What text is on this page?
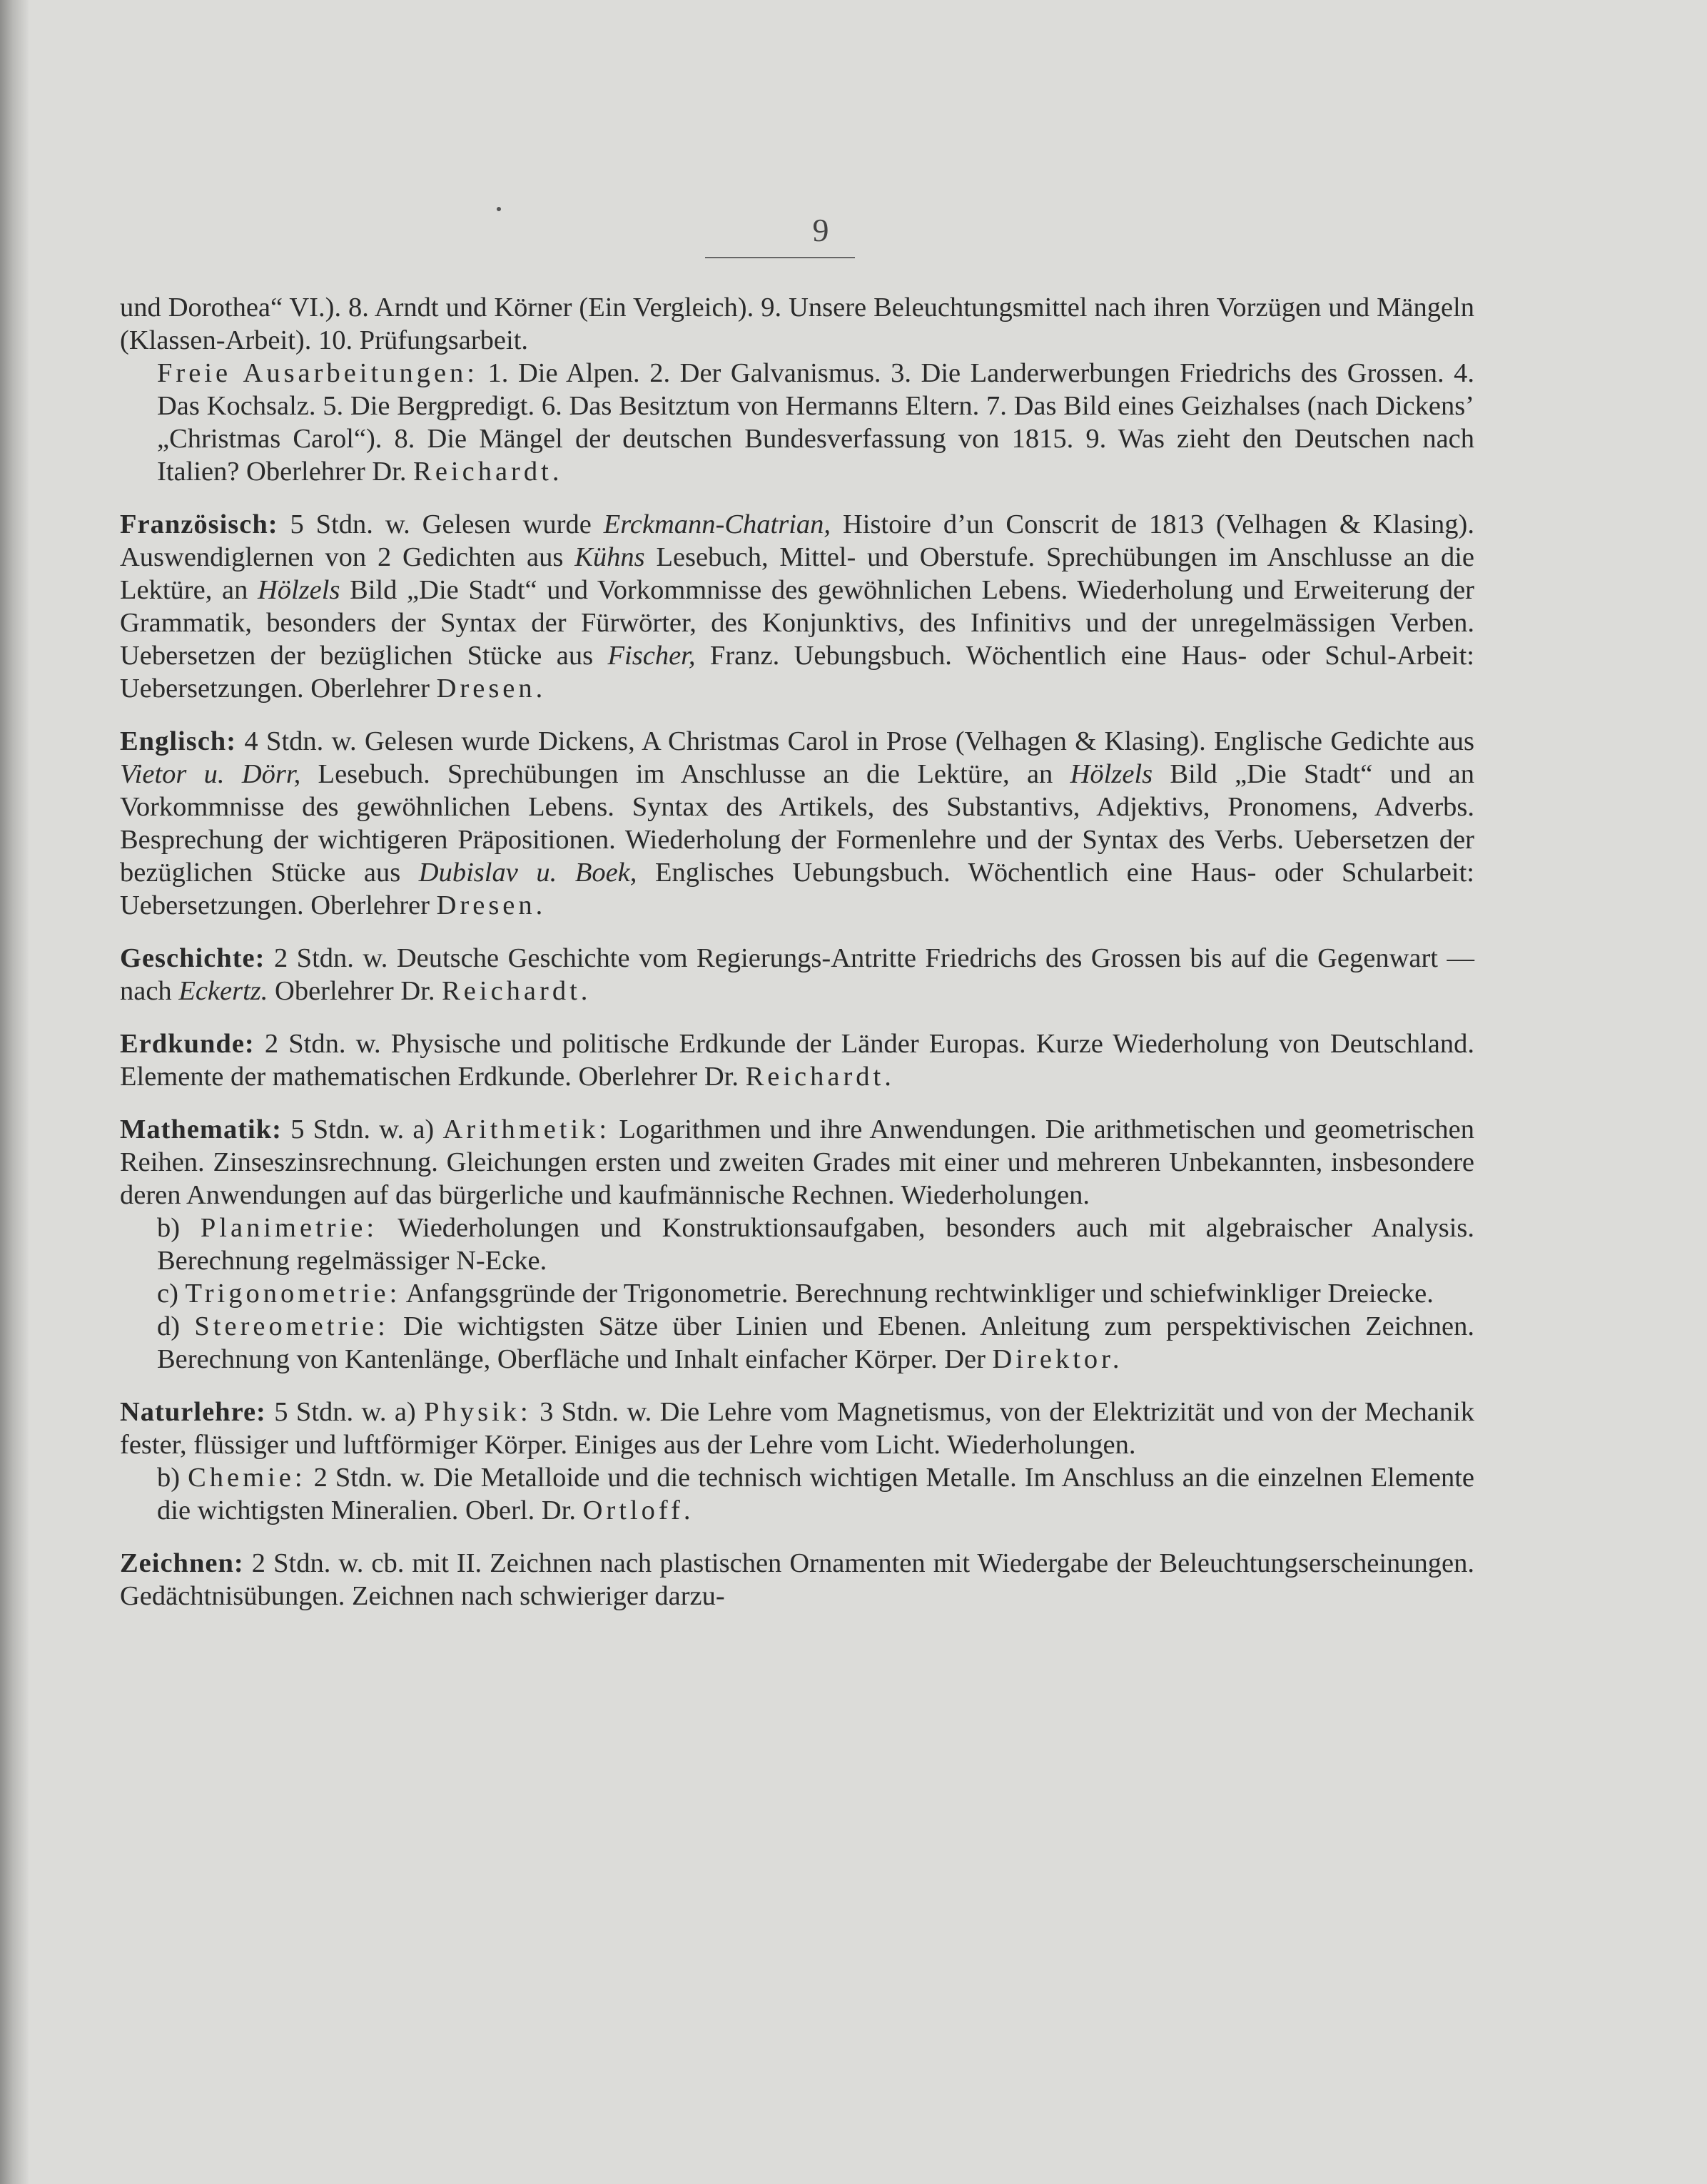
9

und Dorothea“ VI.). 8. Arndt und Körner (Ein Vergleich). 9. Unsere Beleuchtungsmittel nach ihren Vorzügen und Mängeln (Klassen-Arbeit). 10. Prüfungsarbeit.

Freie Ausarbeitungen: 1. Die Alpen. 2. Der Galvanismus. 3. Die Landerwerbungen Friedrichs des Grossen. 4. Das Kochsalz. 5. Die Bergpredigt. 6. Das Besitztum von Hermanns Eltern. 7. Das Bild eines Geizhalses (nach Dickens’ „Christmas Carol“). 8. Die Mängel der deutschen Bundesverfassung von 1815. 9. Was zieht den Deutschen nach Italien? Oberlehrer Dr. Reichardt.

Französisch: 5 Stdn. w. Gelesen wurde Erckmann-Chatrian, Histoire d’un Conscrit de 1813 (Velhagen & Klasing). Auswendiglernen von 2 Gedichten aus Kühns Lesebuch, Mittel- und Oberstufe. Sprechübungen im Anschlusse an die Lektüre, an Hölzels Bild „Die Stadt“ und Vorkommnisse des gewöhnlichen Lebens. Wiederholung und Erweiterung der Grammatik, besonders der Syntax der Fürwörter, des Konjunktivs, des Infinitivs und der unregelmässigen Verben. Uebersetzen der bezüglichen Stücke aus Fischer, Franz. Uebungsbuch. Wöchentlich eine Haus- oder Schul-Arbeit: Uebersetzungen. Oberlehrer Dresen.

Englisch: 4 Stdn. w. Gelesen wurde Dickens, A Christmas Carol in Prose (Velhagen & Klasing). Englische Gedichte aus Vietor u. Dörr, Lesebuch. Sprechübungen im Anschlusse an die Lektüre, an Hölzels Bild „Die Stadt“ und an Vorkommnisse des gewöhnlichen Lebens. Syntax des Artikels, des Substantivs, Adjektivs, Pronomens, Adverbs. Besprechung der wichtigeren Präpositionen. Wiederholung der Formenlehre und der Syntax des Verbs. Uebersetzen der bezüglichen Stücke aus Dubislav u. Boek, Englisches Uebungsbuch. Wöchentlich eine Haus- oder Schularbeit: Uebersetzungen. Oberlehrer Dresen.

Geschichte: 2 Stdn. w. Deutsche Geschichte vom Regierungs-Antritte Friedrichs des Grossen bis auf die Gegenwart — nach Eckertz. Oberlehrer Dr. Reichardt.

Erdkunde: 2 Stdn. w. Physische und politische Erdkunde der Länder Europas. Kurze Wiederholung von Deutschland. Elemente der mathematischen Erdkunde. Oberlehrer Dr. Reichardt.

Mathematik: 5 Stdn. w. a) Arithmetik: Logarithmen und ihre Anwendungen. Die arithmetischen und geometrischen Reihen. Zinseszinsrechnung. Gleichungen ersten und zweiten Grades mit einer und mehreren Unbekannten, insbesondere deren Anwendungen auf das bürgerliche und kaufmännische Rechnen. Wiederholungen.

b) Planimetrie: Wiederholungen und Konstruktionsaufgaben, besonders auch mit algebraischer Analysis. Berechnung regelmässiger N-Ecke.

c) Trigonometrie: Anfangsgründe der Trigonometrie. Berechnung rechtwinkliger und schiefwinkliger Dreiecke.

d) Stereometrie: Die wichtigsten Sätze über Linien und Ebenen. Anleitung zum perspektivischen Zeichnen. Berechnung von Kantenlänge, Oberfläche und Inhalt einfacher Körper. Der Direktor.

Naturlehre: 5 Stdn. w. a) Physik: 3 Stdn. w. Die Lehre vom Magnetismus, von der Elektrizität und von der Mechanik fester, flüssiger und luftförmiger Körper. Einiges aus der Lehre vom Licht. Wiederholungen.

b) Chemie: 2 Stdn. w. Die Metalloide und die technisch wichtigen Metalle. Im Anschluss an die einzelnen Elemente die wichtigsten Mineralien. Oberl. Dr. Ortloff.

Zeichnen: 2 Stdn. w. cb. mit II. Zeichnen nach plastischen Ornamenten mit Wiedergabe der Beleuchtungserscheinungen. Gedächtnisübungen. Zeichnen nach schwieriger darzu-
